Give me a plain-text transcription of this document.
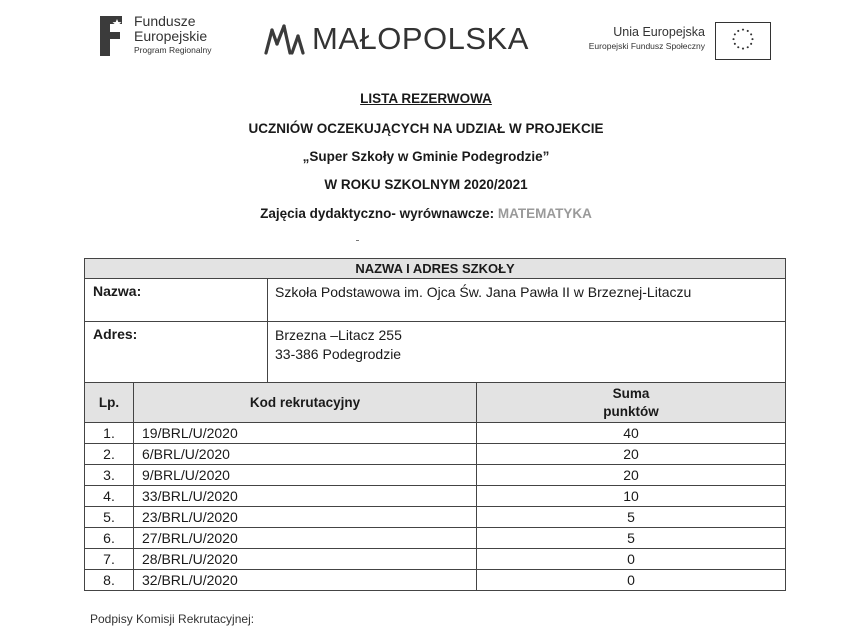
Fundusze
Europejskie
Program Regionalny	MAŁOPOLSKA	Unia Europejska
Europejski Fundusz Społeczny

LISTA REZERWOWA

UCZNIÓW OCZEKUJĄCYCH NA UDZIAŁ W PROJEKCIE

„Super Szkoły w Gminie Podegrodzie”

W ROKU SZKOLNYM 2020/2021

Zajęcia dydaktyczno- wyrównawcze: MATEMATYKA

NAZWA I ADRES SZKOŁY	
Nazwa:	Szkoła Podstawowa im. Ojca Św. Jana Pawła II w Brzeznej-Litaczu

Adres:	Brzezna –Litacz 255
33-386 Podegrodzie
Lp.	Kod rekrutacyjny	Suma
punktów

1.	19/BRL/U/2020	40
2.	6/BRL/U/2020	20
3.	9/BRL/U/2020	20
4.	33/BRL/U/2020	10
5.	23/BRL/U/2020	5
6.	27/BRL/U/2020	5
7.	28/BRL/U/2020	0
8.	32/BRL/U/2020	0
Podpisy Komisji Rekrutacyjnej:
